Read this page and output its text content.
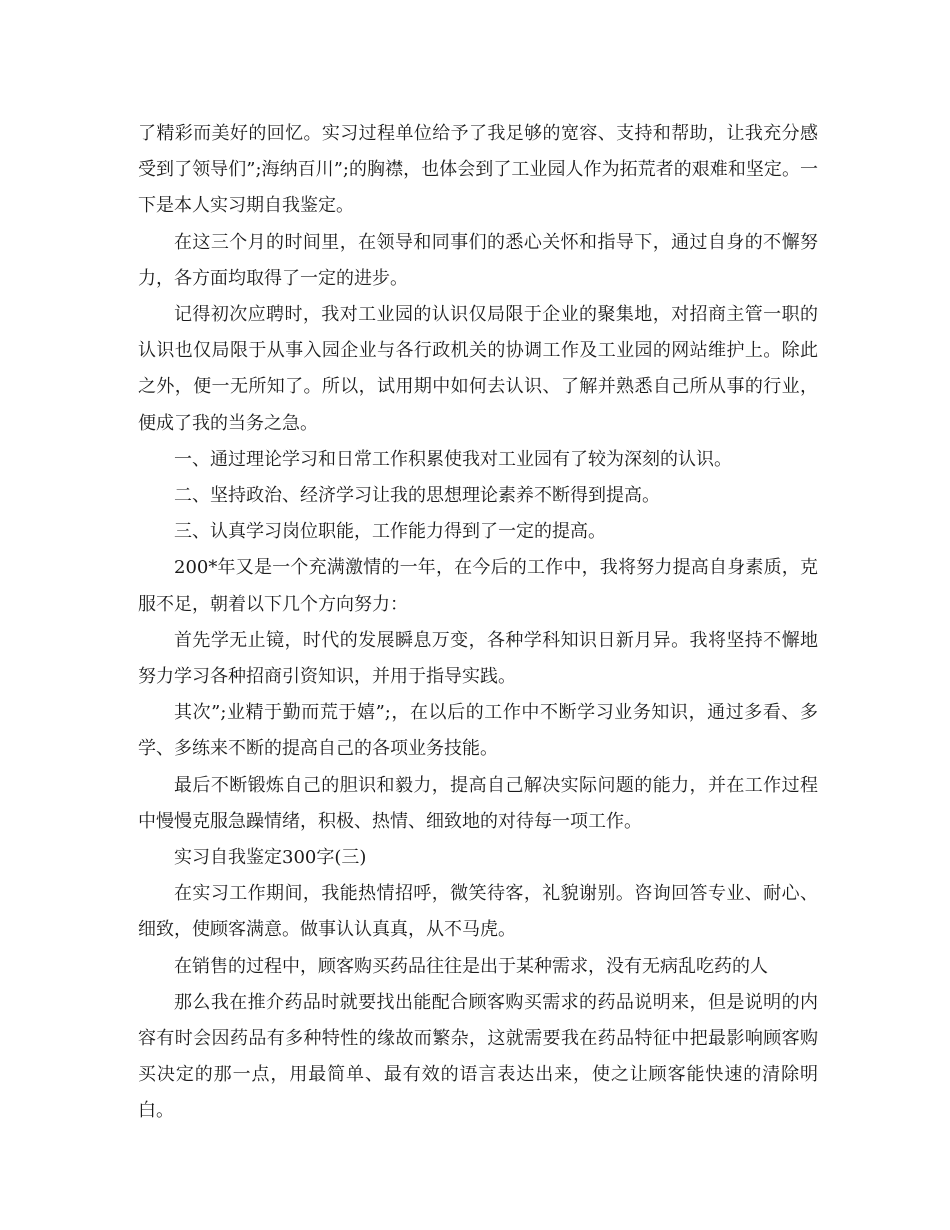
了精彩而美好的回忆。实习过程单位给予了我足够的宽容、支持和帮助，让我充分感受到了领导们”;海纳百川”;的胸襟，也体会到了工业园人作为拓荒者的艰难和坚定。一下是本人实习期自我鉴定。

在这三个月的时间里，在领导和同事们的悉心关怀和指导下，通过自身的不懈努力，各方面均取得了一定的进步。

记得初次应聘时，我对工业园的认识仅局限于企业的聚集地，对招商主管一职的认识也仅局限于从事入园企业与各行政机关的协调工作及工业园的网站维护上。除此之外，便一无所知了。所以，试用期中如何去认识、了解并熟悉自己所从事的行业，便成了我的当务之急。

一、通过理论学习和日常工作积累使我对工业园有了较为深刻的认识。

二、坚持政治、经济学习让我的思想理论素养不断得到提高。

三、认真学习岗位职能，工作能力得到了一定的提高。

200*年又是一个充满激情的一年，在今后的工作中，我将努力提高自身素质，克服不足，朝着以下几个方向努力：

首先学无止镜，时代的发展瞬息万变，各种学科知识日新月异。我将坚持不懈地努力学习各种招商引资知识，并用于指导实践。

其次”;业精于勤而荒于嬉”;，在以后的工作中不断学习业务知识，通过多看、多学、多练来不断的提高自己的各项业务技能。

最后不断锻炼自己的胆识和毅力，提高自己解决实际问题的能力，并在工作过程中慢慢克服急躁情绪，积极、热情、细致地的对待每一项工作。

实习自我鉴定300字(三)

在实习工作期间，我能热情招呼，微笑待客，礼貌谢别。咨询回答专业、耐心、细致，使顾客满意。做事认认真真，从不马虎。

在销售的过程中，顾客购买药品往往是出于某种需求，没有无病乱吃药的人

那么我在推介药品时就要找出能配合顾客购买需求的药品说明来，但是说明的内容有时会因药品有多种特性的缘故而繁杂，这就需要我在药品特征中把最影响顾客购买决定的那一点，用最简单、最有效的语言表达出来，使之让顾客能快速的清除明白。
